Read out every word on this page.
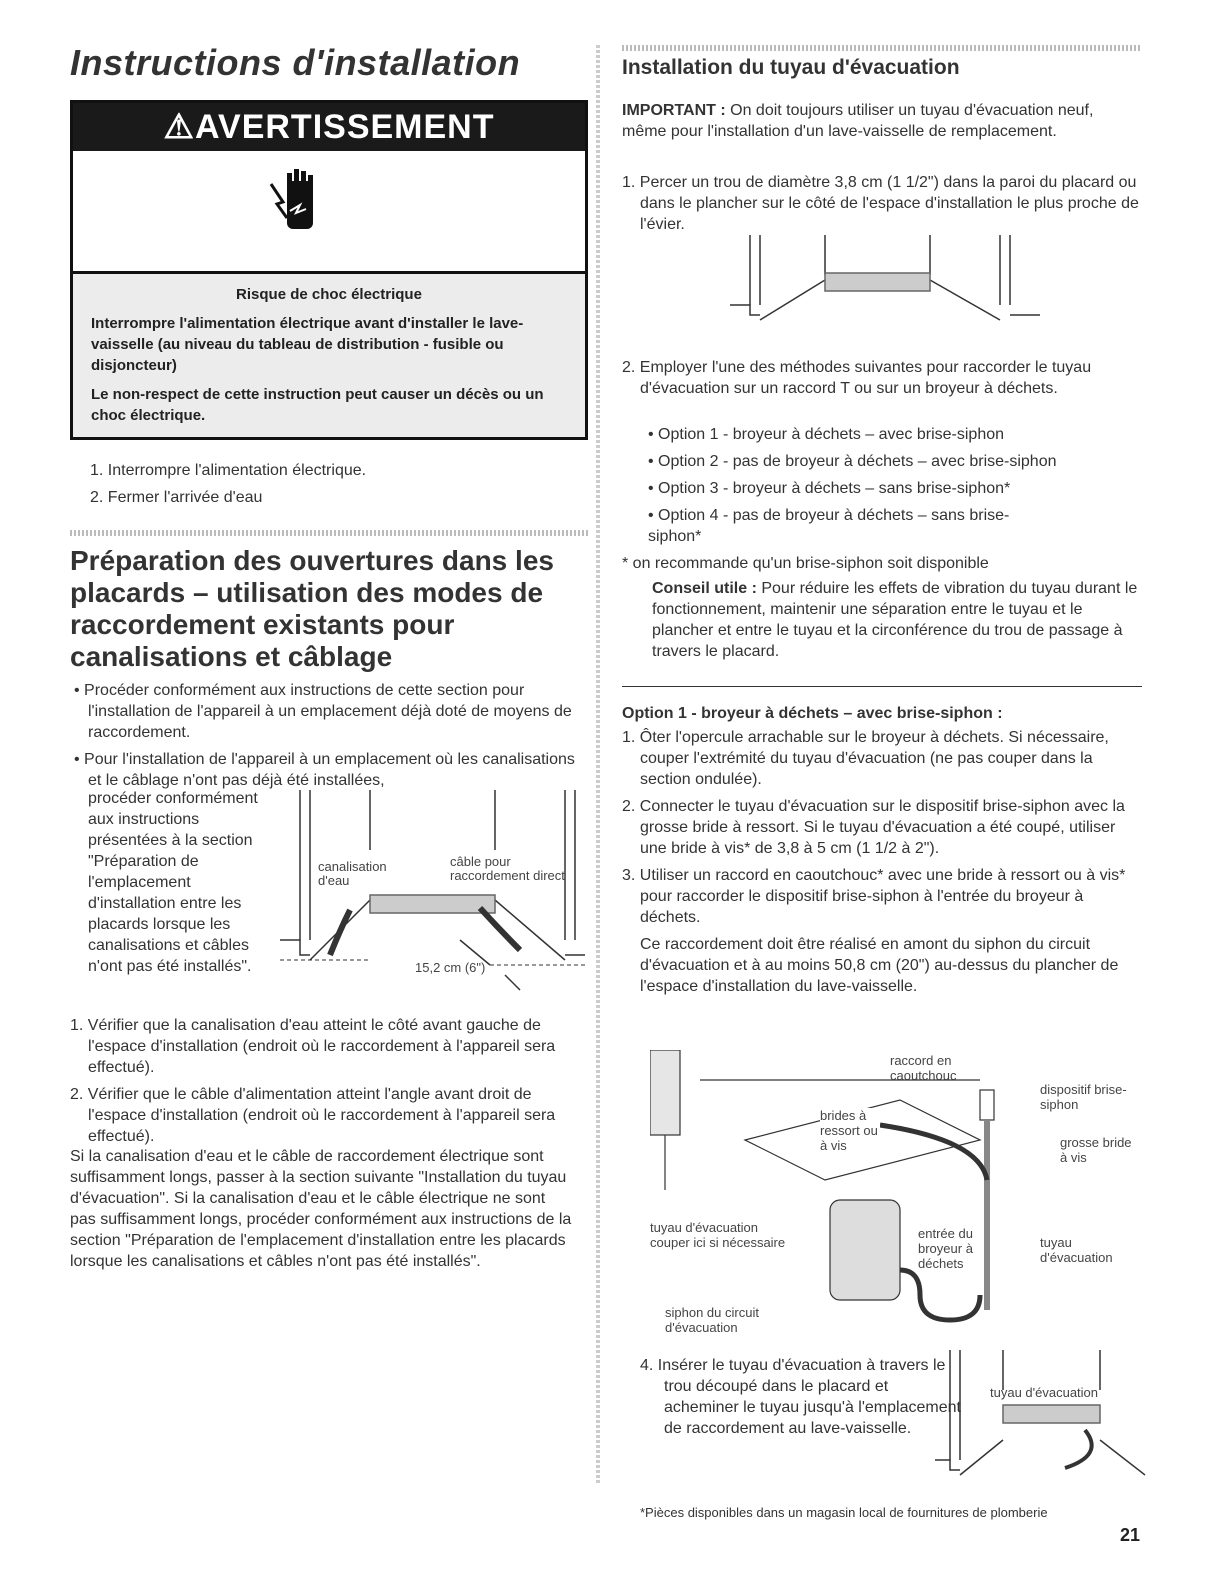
Instructions d'installation
⚠AVERTISSEMENT
Risque de choc électrique

Interrompre l'alimentation électrique avant d'installer le lave-vaisselle (au niveau du tableau de distribution - fusible ou disjoncteur)

Le non-respect de cette instruction peut causer un décès ou un choc électrique.

1. Interrompre l'alimentation électrique.
2. Fermer l'arrivée d'eau
Préparation des ouvertures dans les placards – utilisation des modes de raccordement existants pour canalisations et câblage

• Procéder conformément aux instructions de cette section pour l'installation de l'appareil à un emplacement déjà doté de moyens de raccordement.

• Pour l'installation de l'appareil à un emplacement où les canalisations et le câblage n'ont pas déjà été installées,

procéder conformément aux instructions présentées à la section "Préparation de l'emplacement d'installation entre les placards lorsque les canalisations et câbles n'ont pas été installés".
canalisation d'eau
câble pour raccordement direct
15,2 cm (6")

1. Vérifier que la canalisation d'eau atteint le côté avant gauche de l'espace d'installation (endroit où le raccordement à l'appareil sera effectué).

2. Vérifier que le câble d'alimentation atteint l'angle avant droit de l'espace d'installation (endroit où le raccordement à l'appareil sera effectué).

Si la canalisation d'eau et le câble de raccordement électrique sont suffisamment longs, passer à la section suivante "Installation du tuyau d'évacuation". Si la canalisation d'eau et le câble électrique ne sont pas suffisamment longs, procéder conformément aux instructions de la section "Préparation de l'emplacement d'installation entre les placards lorsque les canalisations et câbles n'ont pas été installés".
Installation du tuyau d'évacuation
IMPORTANT : On doit toujours utiliser un tuyau d'évacuation neuf, même pour l'installation d'un lave-vaisselle de remplacement.
1. Percer un trou de diamètre 3,8 cm (1 1/2") dans la paroi du placard ou dans le plancher sur le côté de l'espace d'installation le plus proche de l'évier.
2. Employer l'une des méthodes suivantes pour raccorder le tuyau d'évacuation sur un raccord T ou sur un broyeur à déchets.

• Option 1 - broyeur à déchets – avec brise-siphon

• Option 2 - pas de broyeur à déchets – avec brise-siphon

• Option 3 - broyeur à déchets – sans brise-siphon*

• Option 4 - pas de broyeur à déchets – sans brise-siphon*

* on recommande qu'un brise-siphon soit disponible
Conseil utile : Pour réduire les effets de vibration du tuyau durant le fonctionnement, maintenir une séparation entre le tuyau et le plancher et entre le tuyau et la circonférence du trou de passage à travers le placard.
Option 1 - broyeur à déchets – avec brise-siphon :

1. Ôter l'opercule arrachable sur le broyeur à déchets. Si nécessaire, couper l'extrémité du tuyau d'évacuation (ne pas couper dans la section ondulée).

2. Connecter le tuyau d'évacuation sur le dispositif brise-siphon avec la grosse bride à ressort. Si le tuyau d'évacuation a été coupé, utiliser une bride à vis* de 3,8 à 5 cm (1 1/2 à 2").

3. Utiliser un raccord en caoutchouc* avec une bride à ressort ou à vis* pour raccorder le dispositif brise-siphon à l'entrée du broyeur à déchets.

Ce raccordement doit être réalisé en amont du siphon du circuit d'évacuation et à au moins 50,8 cm (20") au-dessus du plancher de l'espace d'installation du lave-vaisselle.

raccord en caoutchouc
dispositif brise-siphon
brides à ressort ou à vis	grosse bride à vis
tuyau d'évacuation couper ici si nécessaire
entrée du broyeur à déchets
tuyau d'évacuation
siphon du circuit d'évacuation
4. Insérer le tuyau d'évacuation à travers le trou découpé dans le placard et acheminer le tuyau jusqu'à l'emplacement de raccordement au lave-vaisselle.
tuyau d'évacuation
*Pièces disponibles dans un magasin local de fournitures de plomberie
21
